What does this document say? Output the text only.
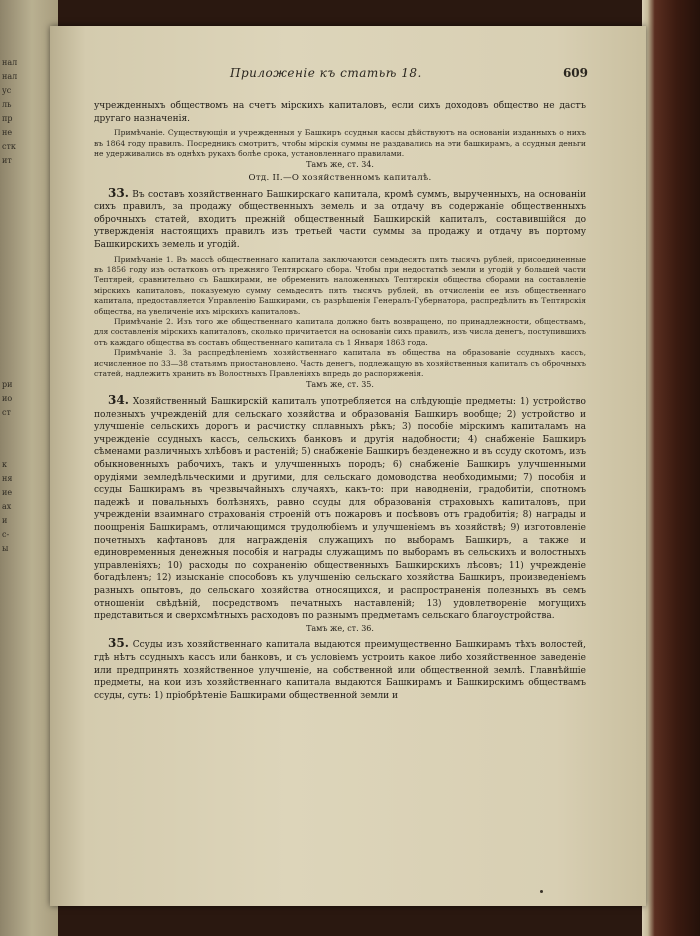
нал
нал
ус
ль
пр
не
стк
ит
ри
ио
ст
к
ня
ие
ах
и
с-
ы
Приложеніе къ статьѣ 18.	609

учрежденныхъ обществомъ на счетъ мірскихъ капиталовъ, если сихъ доходовъ общество не дастъ другаго назначенія.

Примѣчаніе. Существующія и учрежденныя у Башкиръ ссудныя кассы дѣйствуютъ на основаніи изданныхъ о нихъ въ 1864 году правилъ. Посредникъ смотритъ, чтобы мірскія суммы не раздавались на эти башкирамъ, а ссудныя деньги не удерживались въ однѣхъ рукахъ болѣе срока, установленнаго правилами.

Тамъ же, ст. 34.

Отд. II.—О хозяйственномъ капиталѣ.

33. Въ составъ хозяйственнаго Башкирскаго капитала, кромѣ суммъ, вырученныхъ, на основаніи сихъ правилъ, за продажу общественныхъ земель и за отдачу въ содержаніе общественныхъ оброчныхъ статей, входитъ прежній общественный Башкирскій капиталъ, составившійся до утвержденія настоящихъ правилъ изъ третьей части суммы за продажу и отдачу въ портому Башкирскихъ земель и угодій.

Примѣчаніе 1. Въ массѣ общественнаго капитала заключаются семьдесятъ пять тысячъ рублей, присоединенные въ 1856 году изъ остатковъ отъ прежняго Тептярскаго сбора. Чтобы при недостаткѣ земли и угодій у большей части Тептярей, сравнительно съ Башкирами, не обременить наложенныхъ Тептярскія общества сборами на составленіе мірскихъ капиталовъ, показуемую сумму семьдесятъ пять тысячъ рублей, въ отчисленіи ее изъ общественнаго капитала, предоставляется Управленію Башкирами, съ разрѣшенія Генералъ-Губернатора, распредѣлить въ Тептярскія общества, на увеличеніе ихъ мірскихъ капиталовъ.

Примѣчаніе 2. Изъ того же общественнаго капитала должно быть возвращено, по принадлежности, обществамъ, для составленія мірскихъ капиталовъ, сколько причитается на основаніи сихъ правилъ, изъ числа денегъ, поступившихъ отъ каждаго общества въ составъ общественнаго капитала съ 1 Января 1863 года.

Примѣчаніе 3. За распредѣленіемъ хозяйственнаго капитала въ общества на образованіе ссудныхъ кассъ, исчисленное по 33—38 статьямъ приостановлено. Часть денегъ, подлежащую въ хозяйственныя капиталъ съ оброчныхъ статей, надлежитъ хранить въ Волостныхъ Правленіяхъ впредь до распоряженія.

Тамъ же, ст. 35.

34. Хозяйственный Башкирскій капиталъ употребляется на слѣдующіе предметы: 1) устройство полезныхъ учрежденій для сельскаго хозяйства и образованія Башкиръ вообще; 2) устройство и улучшеніе сельскихъ дорогъ и расчистку сплавныхъ рѣкъ; 3) пособіе мірскимъ капиталамъ на учрежденіе ссудныхъ кассъ, сельскихъ банковъ и другія надобности; 4) снабженіе Башкиръ сѣменами различныхъ хлѣбовъ и растеній; 5) снабженіе Башкиръ безденежно и въ ссуду скотомъ, изъ обыкновенныхъ рабочихъ, такъ и улучшенныхъ породъ; 6) снабженіе Башкиръ улучшенными орудіями земледѣльческими и другими, для сельскаго домоводства необходимыми; 7) пособія и ссуды Башкирамъ въ чрезвычайныхъ случаяхъ, какъ-то: при наводненіи, градобитіи, спотномъ падежѣ и повальныхъ болѣзняхъ, равно ссуды для образованія страховыхъ капиталовъ, при учрежденіи взаимнаго страхованія строеній отъ пожаровъ и посѣвовъ отъ градобитія; 8) награды и поощренія Башкирамъ, отличающимся трудолюбіемъ и улучшеніемъ въ хозяйствѣ; 9) изготовленіе почетныхъ кафтановъ для награжденія служащихъ по выборамъ Башкиръ, а также и единовременныя денежныя пособія и награды служащимъ по выборамъ въ сельскихъ и волостныхъ управленіяхъ; 10) расходы по сохраненію общественныхъ Башкирскихъ лѣсовъ; 11) учрежденіе богадѣленъ; 12) изысканіе способовъ къ улучшенію сельскаго хозяйства Башкиръ, произведеніемъ разныхъ опытовъ, до сельскаго хозяйства относящихся, и распространенія полезныхъ въ семъ отношеніи свѣдѣній, посредствомъ печатныхъ наставленій; 13) удовлетвореніе могущихъ представиться и сверхсмѣтныхъ расходовъ по разнымъ предметамъ сельскаго благоустройства.

Тамъ же, ст. 36.

35. Ссуды изъ хозяйственнаго капитала выдаются преимущественно Башкирамъ тѣхъ волостей, гдѣ нѣтъ ссудныхъ кассъ или банковъ, и съ условіемъ устроить какое либо хозяйственное заведеніе или предпринять хозяйственное улучшеніе, на собственной или общественной землѣ. Главнѣйшіе предметы, на кои изъ хозяйственнаго капитала выдаются Башкирамъ и Башкирскимъ обществамъ ссуды, суть: 1) пріобрѣтеніе Башкирами общественной земли и
